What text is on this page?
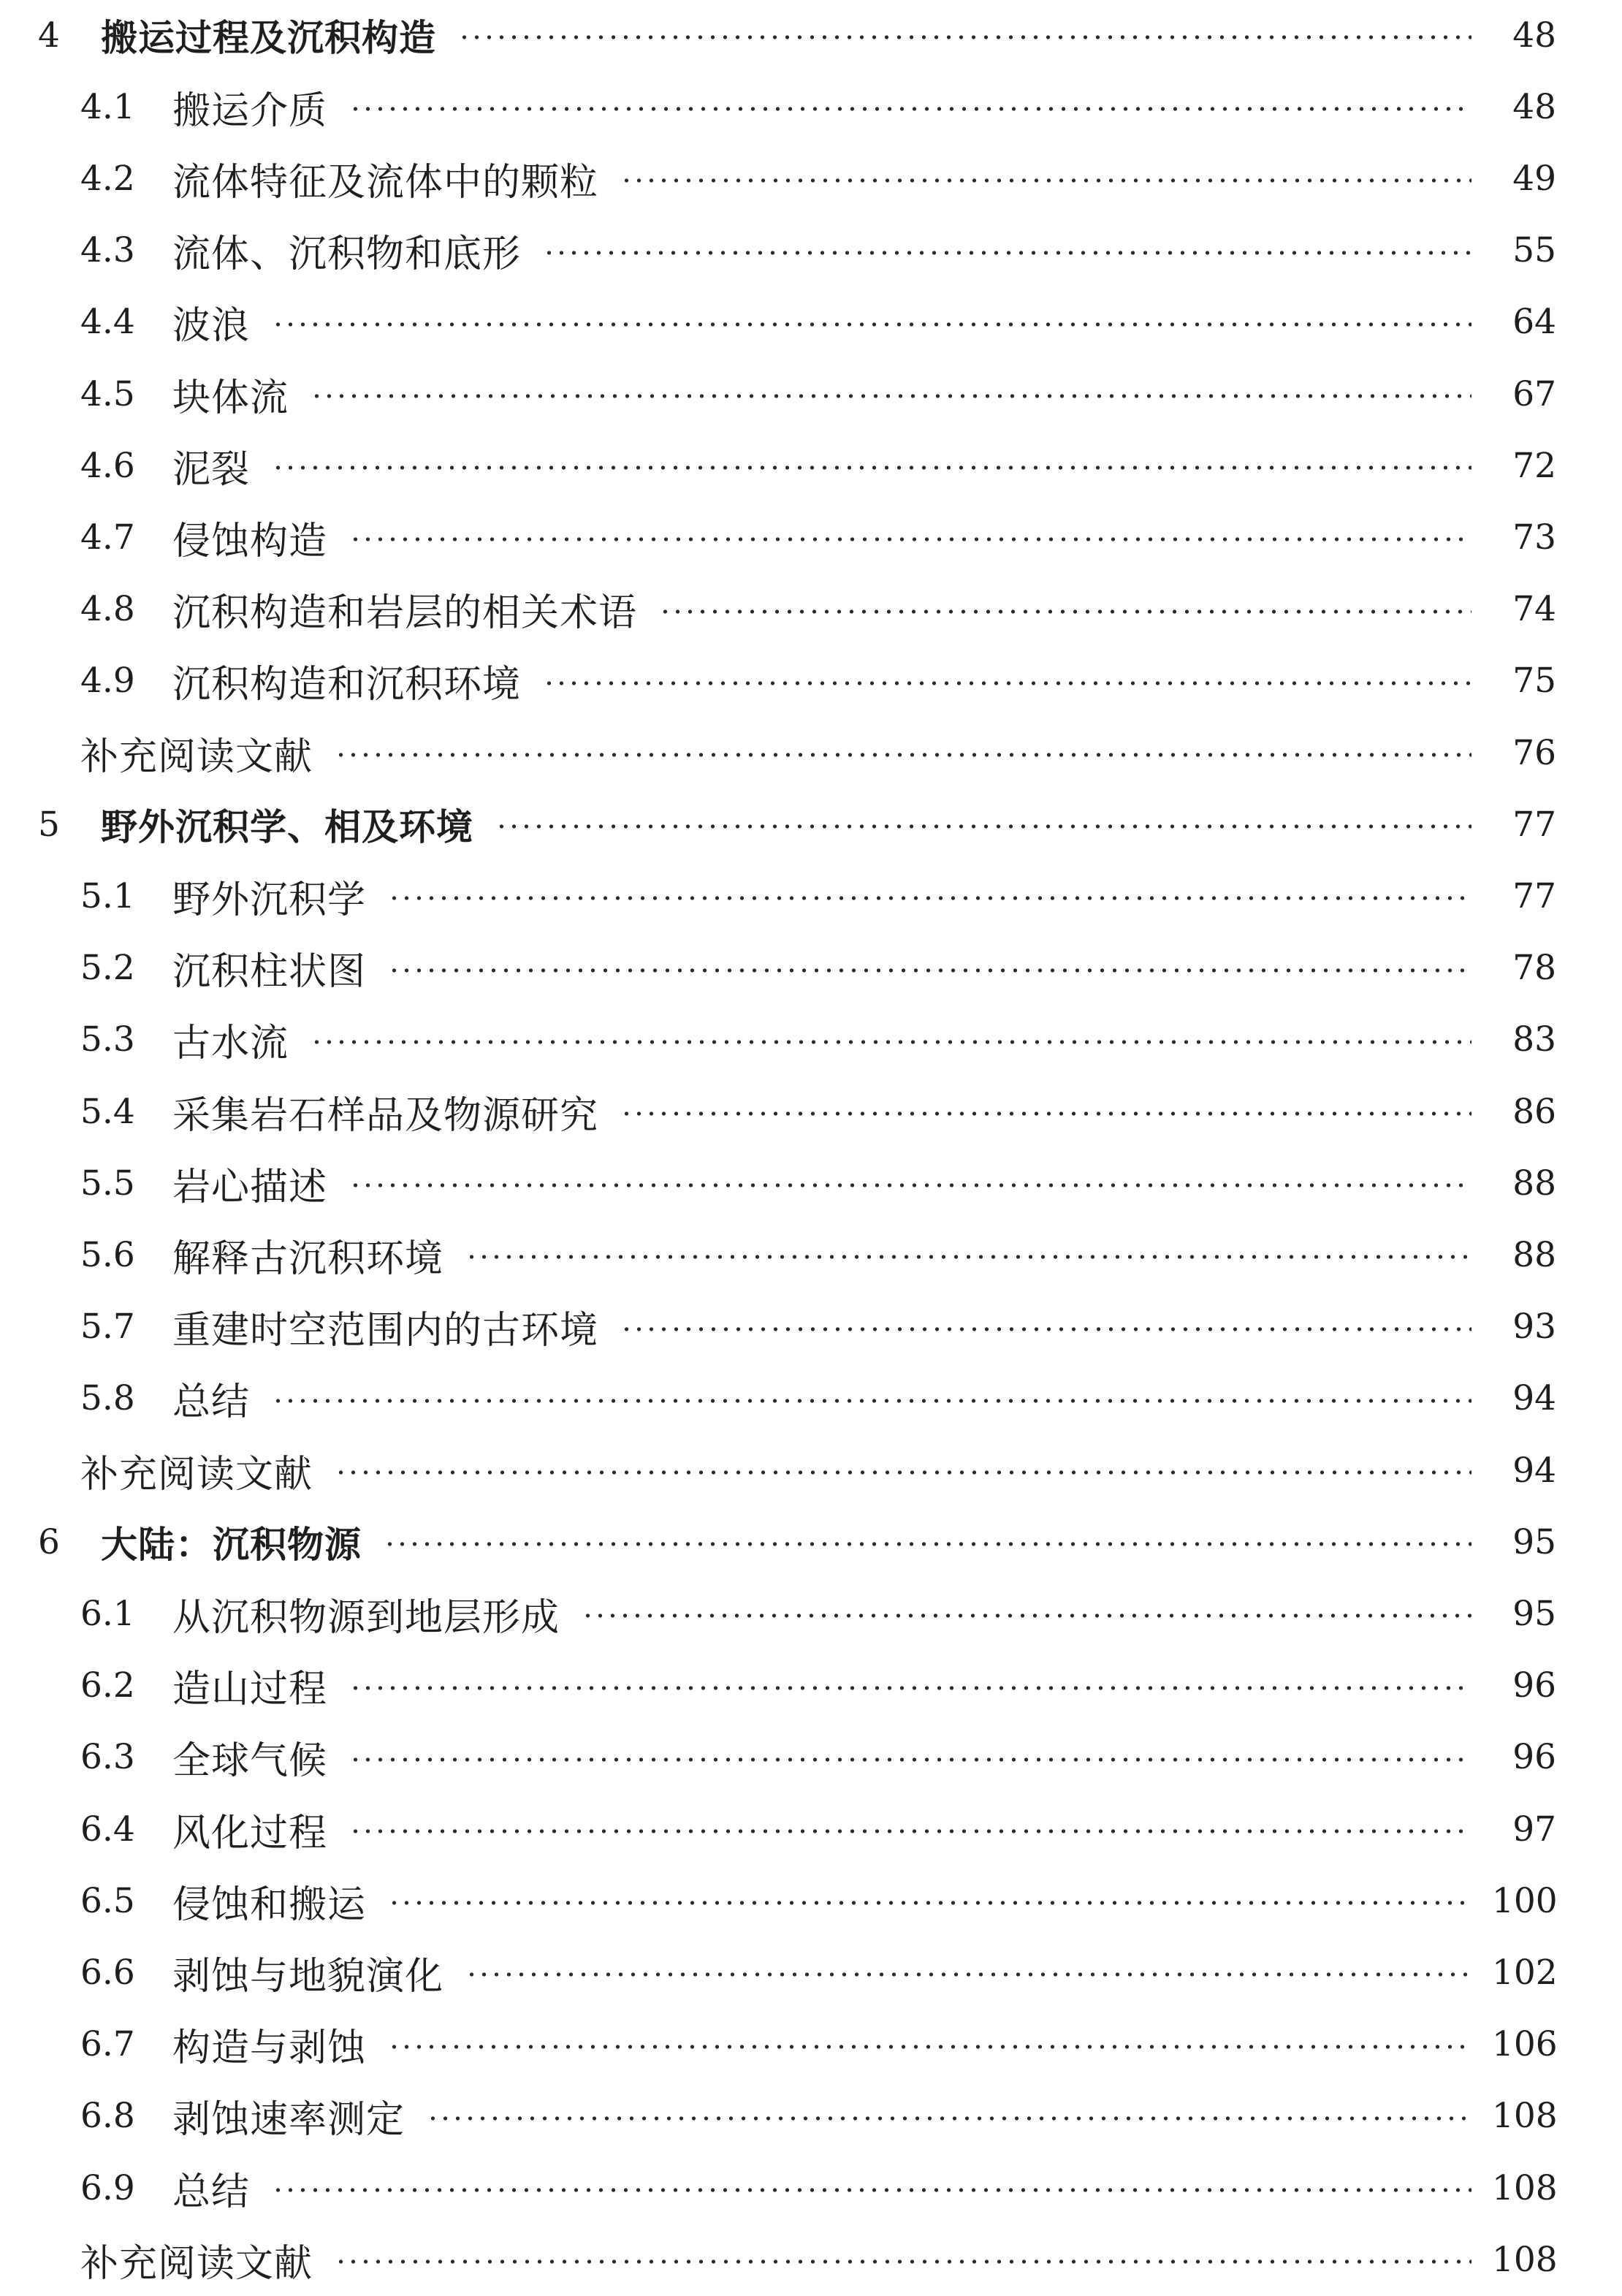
4	搬运过程及沉积构造	48
4.1 搬运介质	48
4.2 流体特征及流体中的颗粒	49
4.3 流体、沉积物和底形	55
4.4 波浪	64
4.5 块体流	67
4.6 泥裂	72
4.7 侵蚀构造	73
4.8 沉积构造和岩层的相关术语	74
4.9 沉积构造和沉积环境	75
补充阅读文献	76
5	野外沉积学、相及环境	77
5.1 野外沉积学	77
5.2 沉积柱状图	78
5.3 古水流	83
5.4 采集岩石样品及物源研究	86
5.5 岩心描述	88
5.6 解释古沉积环境	88
5.7 重建时空范围内的古环境	93
5.8 总结	94
补充阅读文献	94
6	大陆：沉积物源	95
6.1 从沉积物源到地层形成	95
6.2 造山过程	96
6.3 全球气候	96
6.4 风化过程	97
6.5 侵蚀和搬运	100
6.6 剥蚀与地貌演化	102
6.7 构造与剥蚀	106
6.8 剥蚀速率测定	108
6.9 总结	108
补充阅读文献	108
